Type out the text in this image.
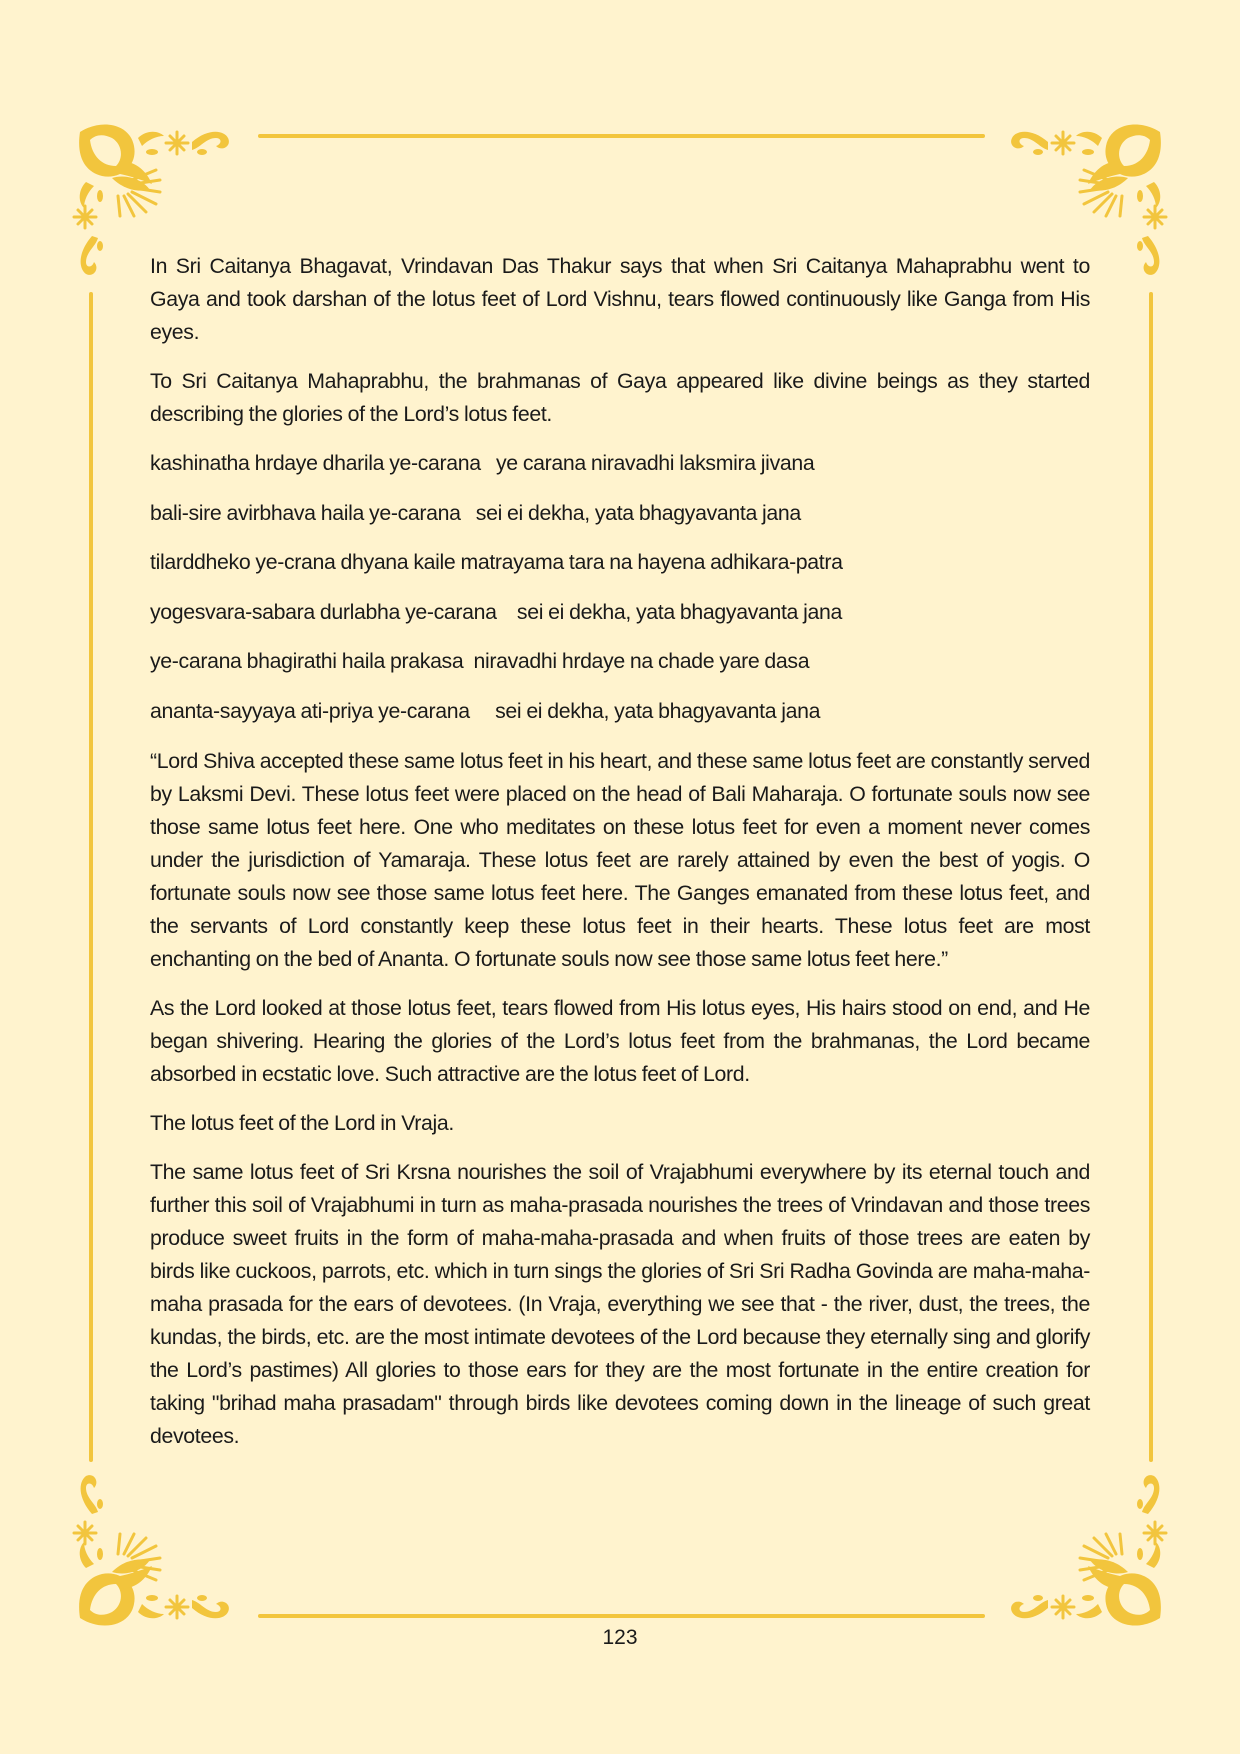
In Sri Caitanya Bhagavat, Vrindavan Das Thakur says that when Sri Caitanya Mahaprabhu went to Gaya and took darshan of the lotus feet of Lord Vishnu, tears flowed continuously like Ganga from His eyes.

To Sri Caitanya Mahaprabhu, the brahmanas of Gaya appeared like divine beings as they started describing the glories of the Lord’s lotus feet.

kashinatha hrdaye dharila ye-carana   ye carana niravadhi laksmira jivana

bali-sire avirbhava haila ye-carana   sei ei dekha, yata bhagyavanta jana

tilarddheko ye-crana dhyana kaile matrayama tara na hayena adhikara-patra

yogesvara-sabara durlabha ye-carana    sei ei dekha, yata bhagyavanta jana

ye-carana bhagirathi haila prakasa  niravadhi hrdaye na chade yare dasa

ananta-sayyaya ati-priya ye-carana     sei ei dekha, yata bhagyavanta jana

“Lord Shiva accepted these same lotus feet in his heart, and these same lotus feet are constantly served by Laksmi Devi. These lotus feet were placed on the head of Bali Maharaja. O fortunate souls now see those same lotus feet here. One who meditates on these lotus feet for even a moment never comes under the jurisdiction of Yamaraja. These lotus feet are rarely attained by even the best of yogis. O fortunate souls now see those same lotus feet here. The Ganges emanated from these lotus feet, and the servants of Lord constantly keep these lotus feet in their hearts. These lotus feet are most enchanting on the bed of Ananta. O fortunate souls now see those same lotus feet here.”

As the Lord looked at those lotus feet, tears flowed from His lotus eyes, His hairs stood on end, and He began shivering. Hearing the glories of the Lord’s lotus feet from the brahmanas, the Lord became absorbed in ecstatic love. Such attractive are the lotus feet of Lord.

The lotus feet of the Lord in Vraja.

The same lotus feet of Sri Krsna nourishes the soil of Vrajabhumi everywhere by its eternal touch and further this soil of Vrajabhumi in turn as maha-prasada nourishes the trees of Vrindavan and those trees produce sweet fruits in the form of maha-maha-prasada and when fruits of those trees are eaten by birds like cuckoos, parrots, etc. which in turn sings the glories of Sri Sri Radha Govinda are maha-maha-maha prasada for the ears of devotees. (In Vraja, everything we see that - the river, dust, the trees, the kundas, the birds, etc. are the most intimate devotees of the Lord because they eternally sing and glorify the Lord’s pastimes) All glories to those ears for they are the most fortunate in the entire creation for taking "brihad maha prasadam" through birds like devotees coming down in the lineage of such great devotees.

123
